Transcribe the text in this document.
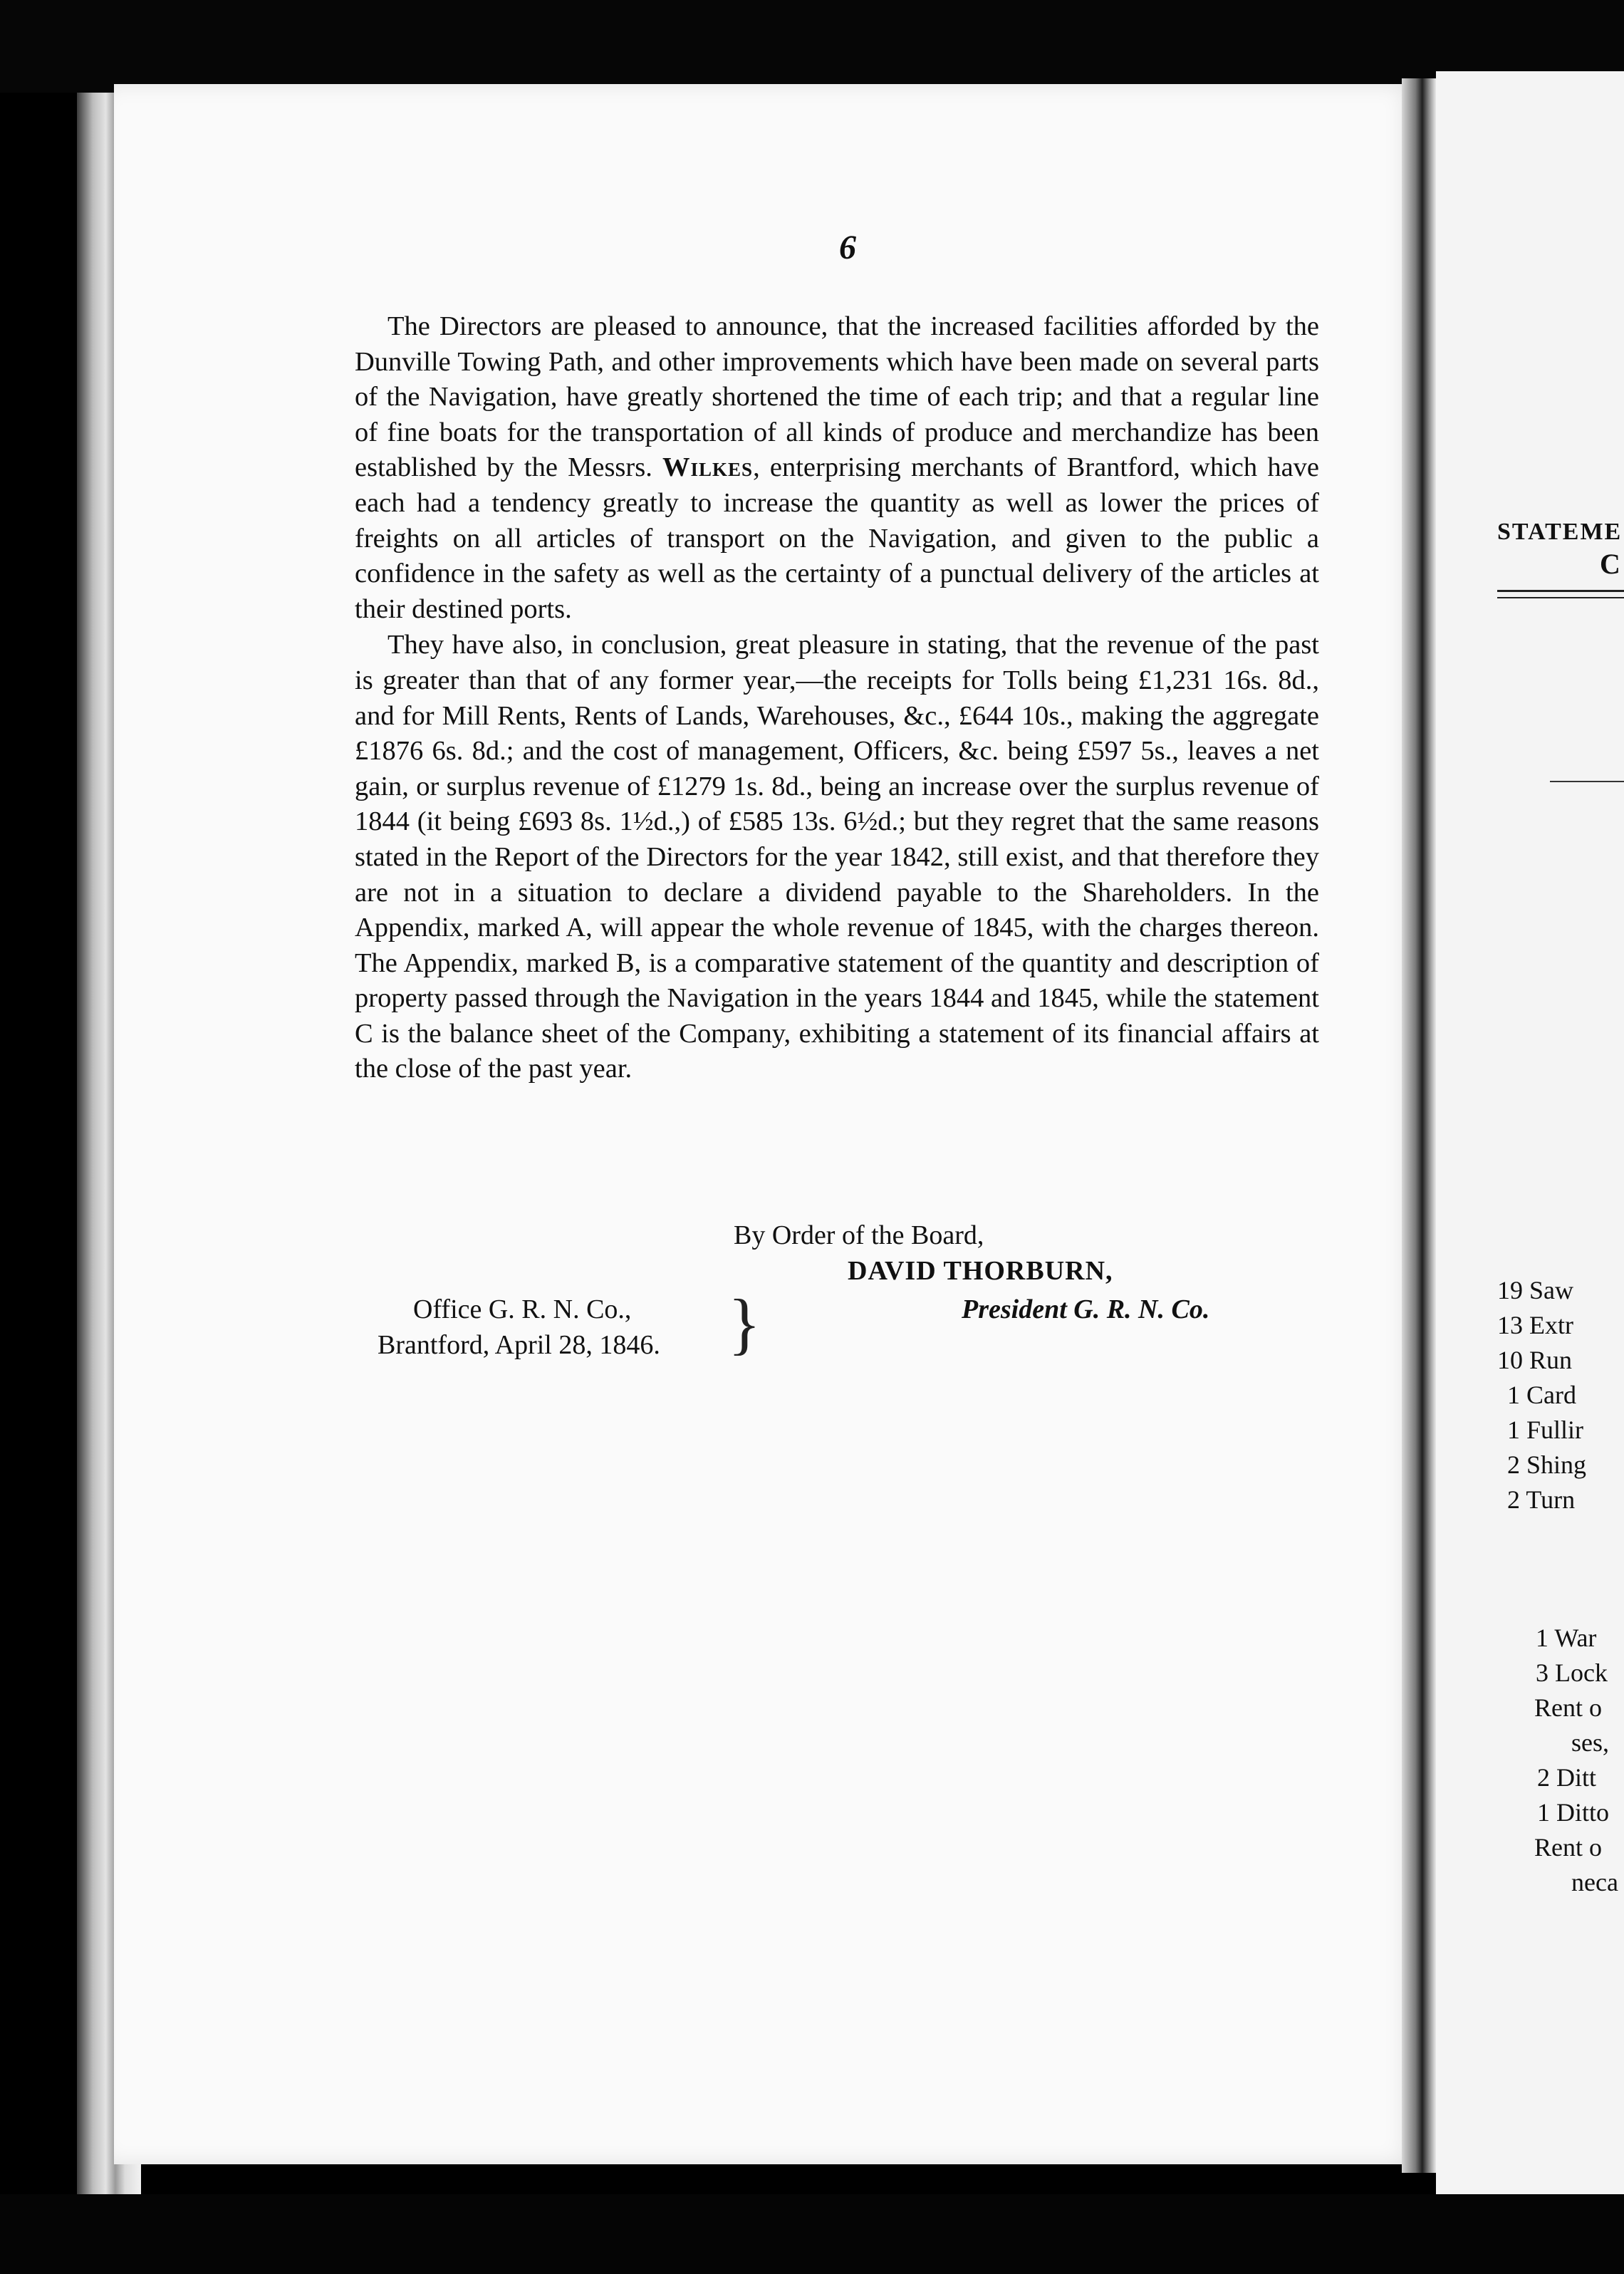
STATEME
C
19 Saw
13 Extr
10 Run
1 Card
1 Fullir
2 Shing
2 Turn
1 War
3 Lock
Rent o
ses,
2 Ditt
1 Ditto
Rent o
neca
6

The Directors are pleased to announce, that the increased facilities afforded by the Dunville Towing Path, and other improvements which have been made on several parts of the Navigation, have greatly shortened the time of each trip; and that a regular line of fine boats for the transportation of all kinds of produce and merchandize has been established by the Messrs. Wilkes, enterprising merchants of Brantford, which have each had a tendency greatly to increase the quantity as well as lower the prices of freights on all articles of transport on the Navigation, and given to the public a confidence in the safety as well as the certainty of a punctual delivery of the articles at their destined ports.

They have also, in conclusion, great pleasure in stating, that the revenue of the past is greater than that of any former year,—the receipts for Tolls being £1,231 16s. 8d., and for Mill Rents, Rents of Lands, Warehouses, &c., £644 10s., making the aggregate £1876 6s. 8d.; and the cost of management, Officers, &c. being £597 5s., leaves a net gain, or surplus revenue of £1279 1s. 8d., being an increase over the surplus revenue of 1844 (it being £693 8s. 1½d.,) of £585 13s. 6½d.; but they regret that the same reasons stated in the Report of the Directors for the year 1842, still exist, and that therefore they are not in a situation to declare a dividend payable to the Shareholders. In the Appendix, marked A, will appear the whole revenue of 1845, with the charges thereon. The Appendix, marked B, is a comparative statement of the quantity and description of property passed through the Navigation in the years 1844 and 1845, while the statement C is the balance sheet of the Company, exhibiting a statement of its financial affairs at the close of the past year.

By Order of the Board,
DAVID THORBURN,
President G. R. N. Co.
Office G. R. N. Co.,
Brantford, April 28, 1846. }
